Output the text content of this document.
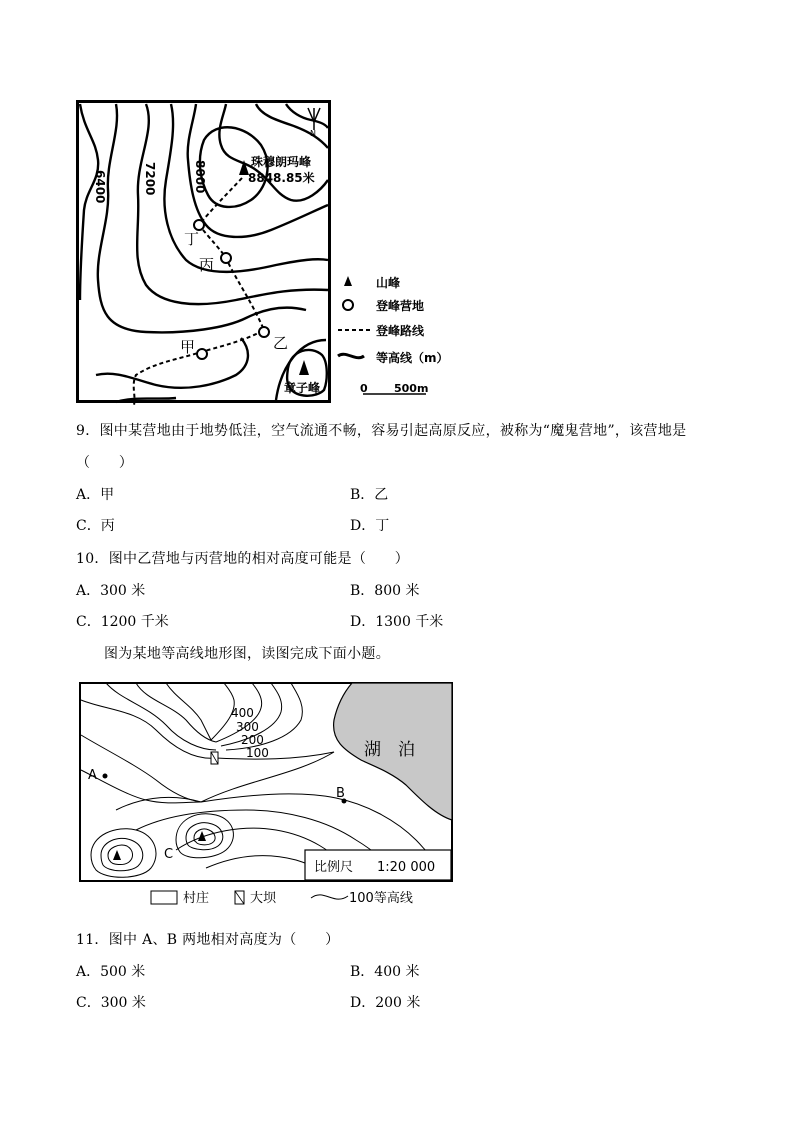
N
6400	7200	8000	珠穆朗玛峰
8848.85米
丁
丙
乙
甲
章子峰
山峰
登峰营地
登峰路线
等高线（m）
0 500m
9．图中某营地由于地势低洼，空气流通不畅，容易引起高原反应，被称为“魔鬼营地”，该营地是
（　　）
A．甲	B．乙
C．丙	D．丁
10．图中乙营地与丙营地的相对高度可能是（　　）
A．300 米	B．800 米
C．1200 千米	D．1300 千米
图为某地等高线地形图，读图完成下面小题。
湖　泊
400
300
200
100
A
B
C
比例尺 1:20 000
村庄	大坝	100等高线
11．图中 A、B 两地相对高度为（　　）
A．500 米	B．400 米
C．300 米	D．200 米
